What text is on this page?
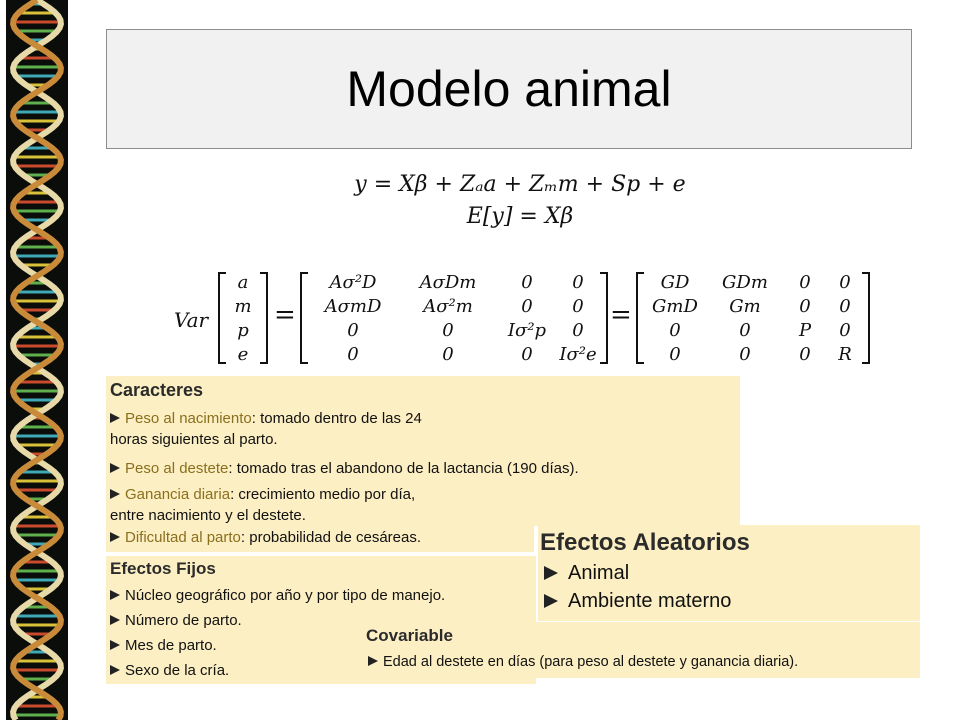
Modelo animal
y = Xβ + Zₐa + Zₘm + Sp + e
E[y] = Xβ
Var
a
m
p
e
=
Aσ²D	AσDm	0	0
AσmD	Aσ²m	0	0
0	0	Iσ²p	0
0	0	0	Iσ²e
=
GD	GDm	0	0
GmD	Gm	0	0
0	0	P	0
0	0	0	R
Caracteres
Peso al nacimiento: tomado dentro de las 24
horas siguientes al parto.
Peso al destete: tomado tras el abandono de la lactancia (190 días).
Ganancia diaria: crecimiento medio por día,
entre nacimiento y el destete.
Dificultad al parto: probabilidad de cesáreas.
Efectos Fijos
Núcleo geográfico por año y por tipo de manejo.
Número de parto.
Mes de parto.
Sexo de la cría.
Efectos Aleatorios
Animal
Ambiente materno
Covariable
Edad al destete en días (para peso al destete y ganancia diaria).
